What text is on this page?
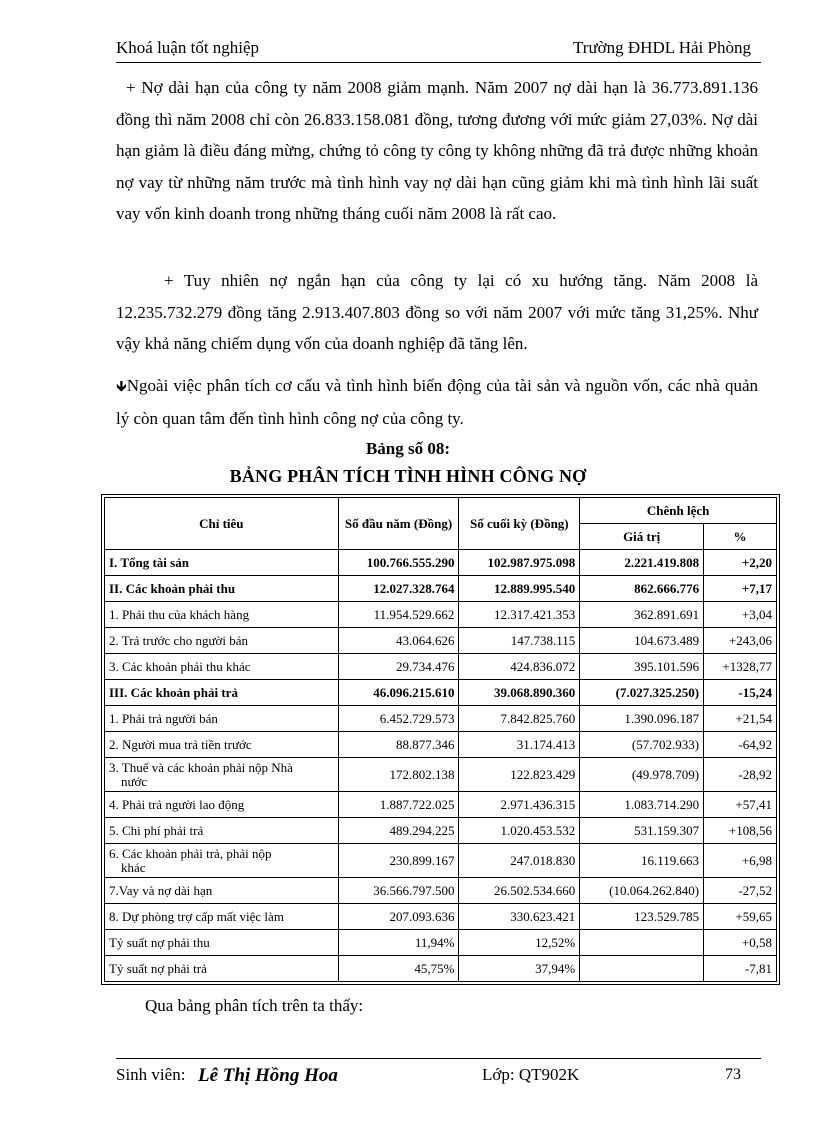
Khoá luận tốt nghiệp	Trường ĐHDL Hải Phòng

+ Nợ dài hạn của công ty năm 2008 giảm mạnh. Năm 2007 nợ dài hạn là 36.773.891.136 đồng thì năm 2008 chỉ còn 26.833.158.081 đồng, tương đương với mức giảm 27,03%. Nợ dài hạn giảm là điều đáng mừng, chứng tỏ công ty công ty không những đã trả được những khoản nợ vay từ những năm trước mà tình hình vay nợ dài hạn cũng giảm khi mà tình hình lãi suất vay vốn kinh doanh trong những tháng cuối năm 2008 là rất cao.

+ Tuy nhiên nợ ngắn hạn của công ty lại có xu hướng tăng. Năm 2008 là 12.235.732.279 đồng tăng 2.913.407.803 đồng so với năm 2007 với mức tăng 31,25%. Như vậy khả năng chiếm dụng vốn của doanh nghiệp đã tăng lên.

🡻Ngoài việc phân tích cơ cấu và tình hình biến động của tài sản và nguồn vốn, các nhà quản lý còn quan tâm đến tình hình công nợ của công ty.

Bảng số 08:
BẢNG PHÂN TÍCH TÌNH HÌNH CÔNG NỢ
Chỉ tiêu	Số đầu năm (Đồng)	Số cuối kỳ (Đồng)	Chênh lệch	
			Giá trị	%
I. Tổng tài sản	100.766.555.290	102.987.975.098	2.221.419.808	+2,20
II. Các khoản phải thu	12.027.328.764	12.889.995.540	862.666.776	+7,17
1. Phải thu của khách hàng	11.954.529.662	12.317.421.353	362.891.691	+3,04
2. Trả trước cho người bán	43.064.626	147.738.115	104.673.489	+243,06
3. Các khoản phải thu khác	29.734.476	424.836.072	395.101.596	+1328,77
III. Các khoản phải trả	46.096.215.610	39.068.890.360	(7.027.325.250)	-15,24
1. Phải trả người bán	6.452.729.573	7.842.825.760	1.390.096.187	+21,54
2. Người mua trả tiền trước	88.877.346	31.174.413	(57.702.933)	-64,92
3. Thuế và các khoản phải nộp Nhà
nước	172.802.138	122.823.429	(49.978.709)	-28,92
4. Phải trả người lao động	1.887.722.025	2.971.436.315	1.083.714.290	+57,41
5. Chi phí phải trả	489.294.225	1.020.453.532	531.159.307	+108,56
6. Các khoản phải trả, phải nộp
khác	230.899.167	247.018.830	16.119.663	+6,98
7.Vay và nợ dài hạn	36.566.797.500	26.502.534.660	(10.064.262.840)	-27,52
8. Dự phòng trợ cấp mất việc làm	207.093.636	330.623.421	123.529.785	+59,65
Tỷ suất nợ phải thu	11,94%	12,52%		+0,58
Tỷ suất nợ phải trả	45,75%	37,94%		-7,81
Qua bảng phân tích trên ta thấy:
Sinh viên: Lê Thị Hồng Hoa	Lớp: QT902K	73
